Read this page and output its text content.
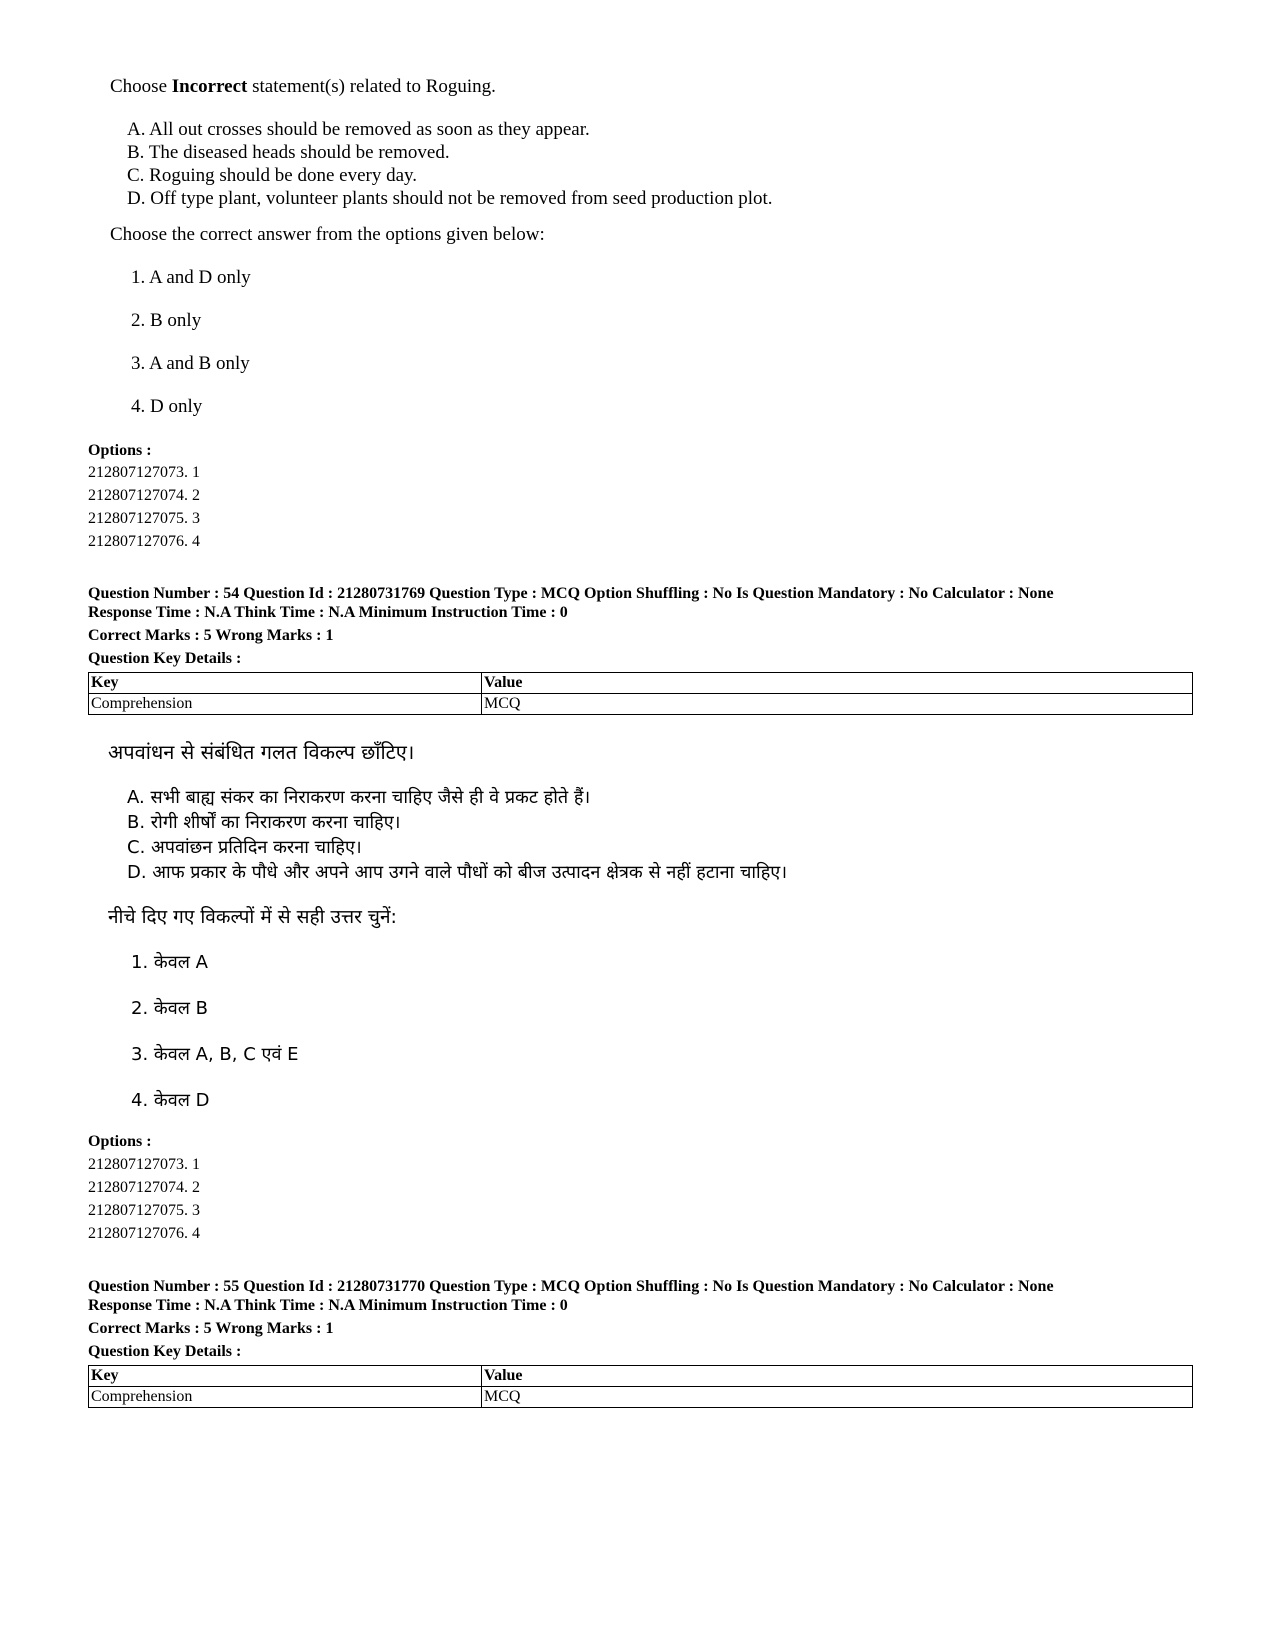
Choose Incorrect statement(s) related to Roguing.

A. All out crosses should be removed as soon as they appear.
B. The diseased heads should be removed.
C. Roguing should be done every day.
D. Off type plant, volunteer plants should not be removed from seed production plot.

Choose the correct answer from the options given below:

1. A and D only
2. B only
3. A and B only
4. D only
Options :
212807127073. 1
212807127074. 2
212807127075. 3
212807127076. 4
Question Number : 54 Question Id : 21280731769 Question Type : MCQ Option Shuffling : No Is Question Mandatory : No Calculator : None
Response Time : N.A Think Time : N.A Minimum Instruction Time : 0
Correct Marks : 5 Wrong Marks : 1
Question Key Details :
Key	Value
Comprehension	MCQ

अपवांधन से संबंधित गलत विकल्प छाँटिए।

A. सभी बाह्य संकर का निराकरण करना चाहिए जैसे ही वे प्रकट होते हैं।
B. रोगी शीर्षों का निराकरण करना चाहिए।
C. अपवांछन प्रतिदिन करना चाहिए।
D. आफ प्रकार के पौधे और अपने आप उगने वाले पौधों को बीज उत्पादन क्षेत्रक से नहीं हटाना चाहिए।

नीचे दिए गए विकल्पों में से सही उत्तर चुनें:

1. केवल A
2. केवल B
3. केवल A, B, C एवं E
4. केवल D
Options :
212807127073. 1
212807127074. 2
212807127075. 3
212807127076. 4
Question Number : 55 Question Id : 21280731770 Question Type : MCQ Option Shuffling : No Is Question Mandatory : No Calculator : None
Response Time : N.A Think Time : N.A Minimum Instruction Time : 0
Correct Marks : 5 Wrong Marks : 1
Question Key Details :
Key	Value
Comprehension	MCQ
